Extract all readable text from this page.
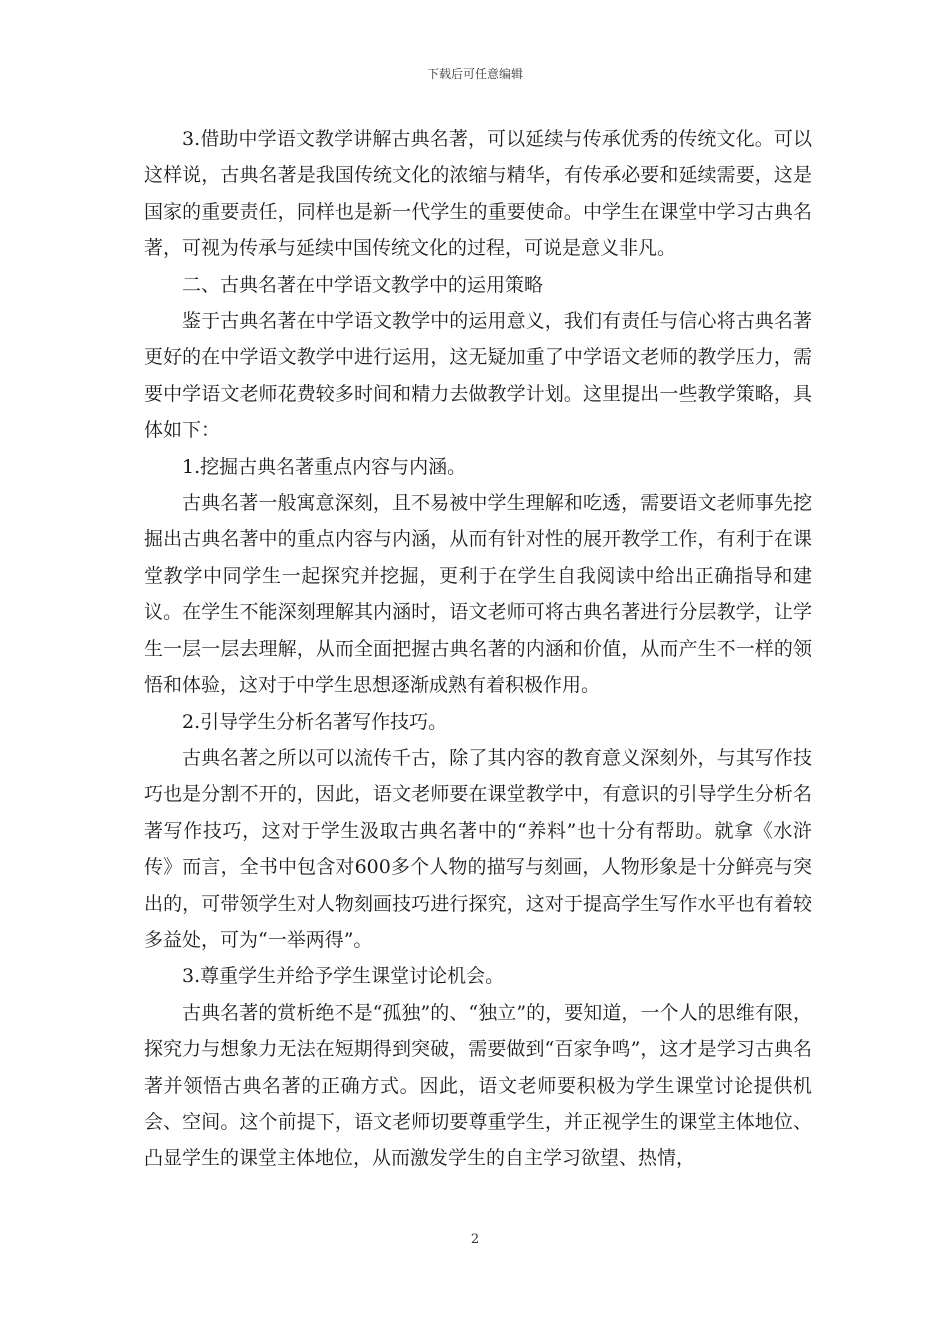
下载后可任意编辑

3.借助中学语文教学讲解古典名著，可以延续与传承优秀的传统文化。可以这样说，古典名著是我国传统文化的浓缩与精华，有传承必要和延续需要，这是国家的重要责任，同样也是新一代学生的重要使命。中学生在课堂中学习古典名著，可视为传承与延续中国传统文化的过程，可说是意义非凡。

二、古典名著在中学语文教学中的运用策略

鉴于古典名著在中学语文教学中的运用意义，我们有责任与信心将古典名著更好的在中学语文教学中进行运用，这无疑加重了中学语文老师的教学压力，需要中学语文老师花费较多时间和精力去做教学计划。这里提出一些教学策略，具体如下：

1.挖掘古典名著重点内容与内涵。

古典名著一般寓意深刻，且不易被中学生理解和吃透，需要语文老师事先挖掘出古典名著中的重点内容与内涵，从而有针对性的展开教学工作，有利于在课堂教学中同学生一起探究并挖掘，更利于在学生自我阅读中给出正确指导和建议。在学生不能深刻理解其内涵时，语文老师可将古典名著进行分层教学，让学生一层一层去理解，从而全面把握古典名著的内涵和价值，从而产生不一样的领悟和体验，这对于中学生思想逐渐成熟有着积极作用。

2.引导学生分析名著写作技巧。

古典名著之所以可以流传千古，除了其内容的教育意义深刻外，与其写作技巧也是分割不开的，因此，语文老师要在课堂教学中，有意识的引导学生分析名著写作技巧，这对于学生汲取古典名著中的“养料”也十分有帮助。就拿《水浒传》而言，全书中包含对600多个人物的描写与刻画，人物形象是十分鲜亮与突出的，可带领学生对人物刻画技巧进行探究，这对于提高学生写作水平也有着较多益处，可为“一举两得”。

3.尊重学生并给予学生课堂讨论机会。

古典名著的赏析绝不是“孤独”的、“独立”的，要知道，一个人的思维有限，探究力与想象力无法在短期得到突破，需要做到“百家争鸣”，这才是学习古典名著并领悟古典名著的正确方式。因此，语文老师要积极为学生课堂讨论提供机会、空间。这个前提下，语文老师切要尊重学生，并正视学生的课堂主体地位、凸显学生的课堂主体地位，从而激发学生的自主学习欲望、热情，

2
